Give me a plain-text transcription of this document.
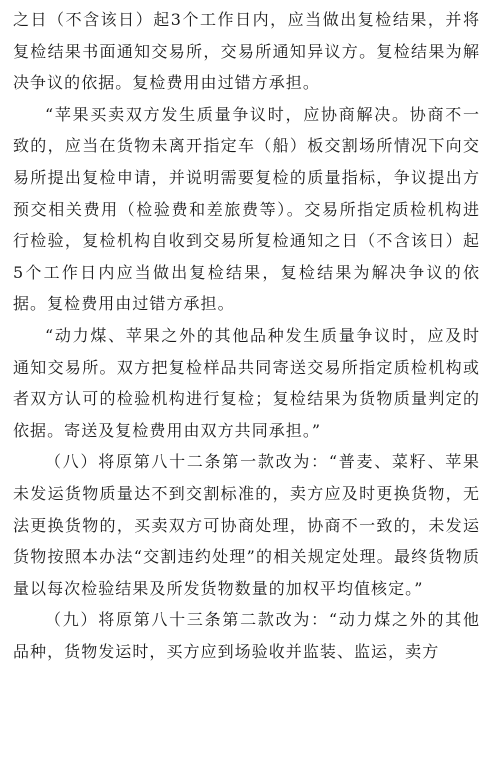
之日（不含该日）起3个工作日内，应当做出复检结果，并将复检结果书面通知交易所，交易所通知异议方。复检结果为解决争议的依据。复检费用由过错方承担。

“苹果买卖双方发生质量争议时，应协商解决。协商不一致的，应当在货物未离开指定车（船）板交割场所情况下向交易所提出复检申请，并说明需要复检的质量指标，争议提出方预交相关费用（检验费和差旅费等）。交易所指定质检机构进行检验，复检机构自收到交易所复检通知之日（不含该日）起5个工作日内应当做出复检结果，复检结果为解决争议的依据。复检费用由过错方承担。

“动力煤、苹果之外的其他品种发生质量争议时，应及时通知交易所。双方把复检样品共同寄送交易所指定质检机构或者双方认可的检验机构进行复检；复检结果为货物质量判定的依据。寄送及复检费用由双方共同承担。”

（八）将原第八十二条第一款改为：“普麦、菜籽、苹果未发运货物质量达不到交割标准的，卖方应及时更换货物，无法更换货物的，买卖双方可协商处理，协商不一致的，未发运货物按照本办法“交割违约处理”的相关规定处理。最终货物质量以每次检验结果及所发货物数量的加权平均值核定。”

（九）将原第八十三条第二款改为：“动力煤之外的其他品种，货物发运时，买方应到场验收并监装、监运，卖方
